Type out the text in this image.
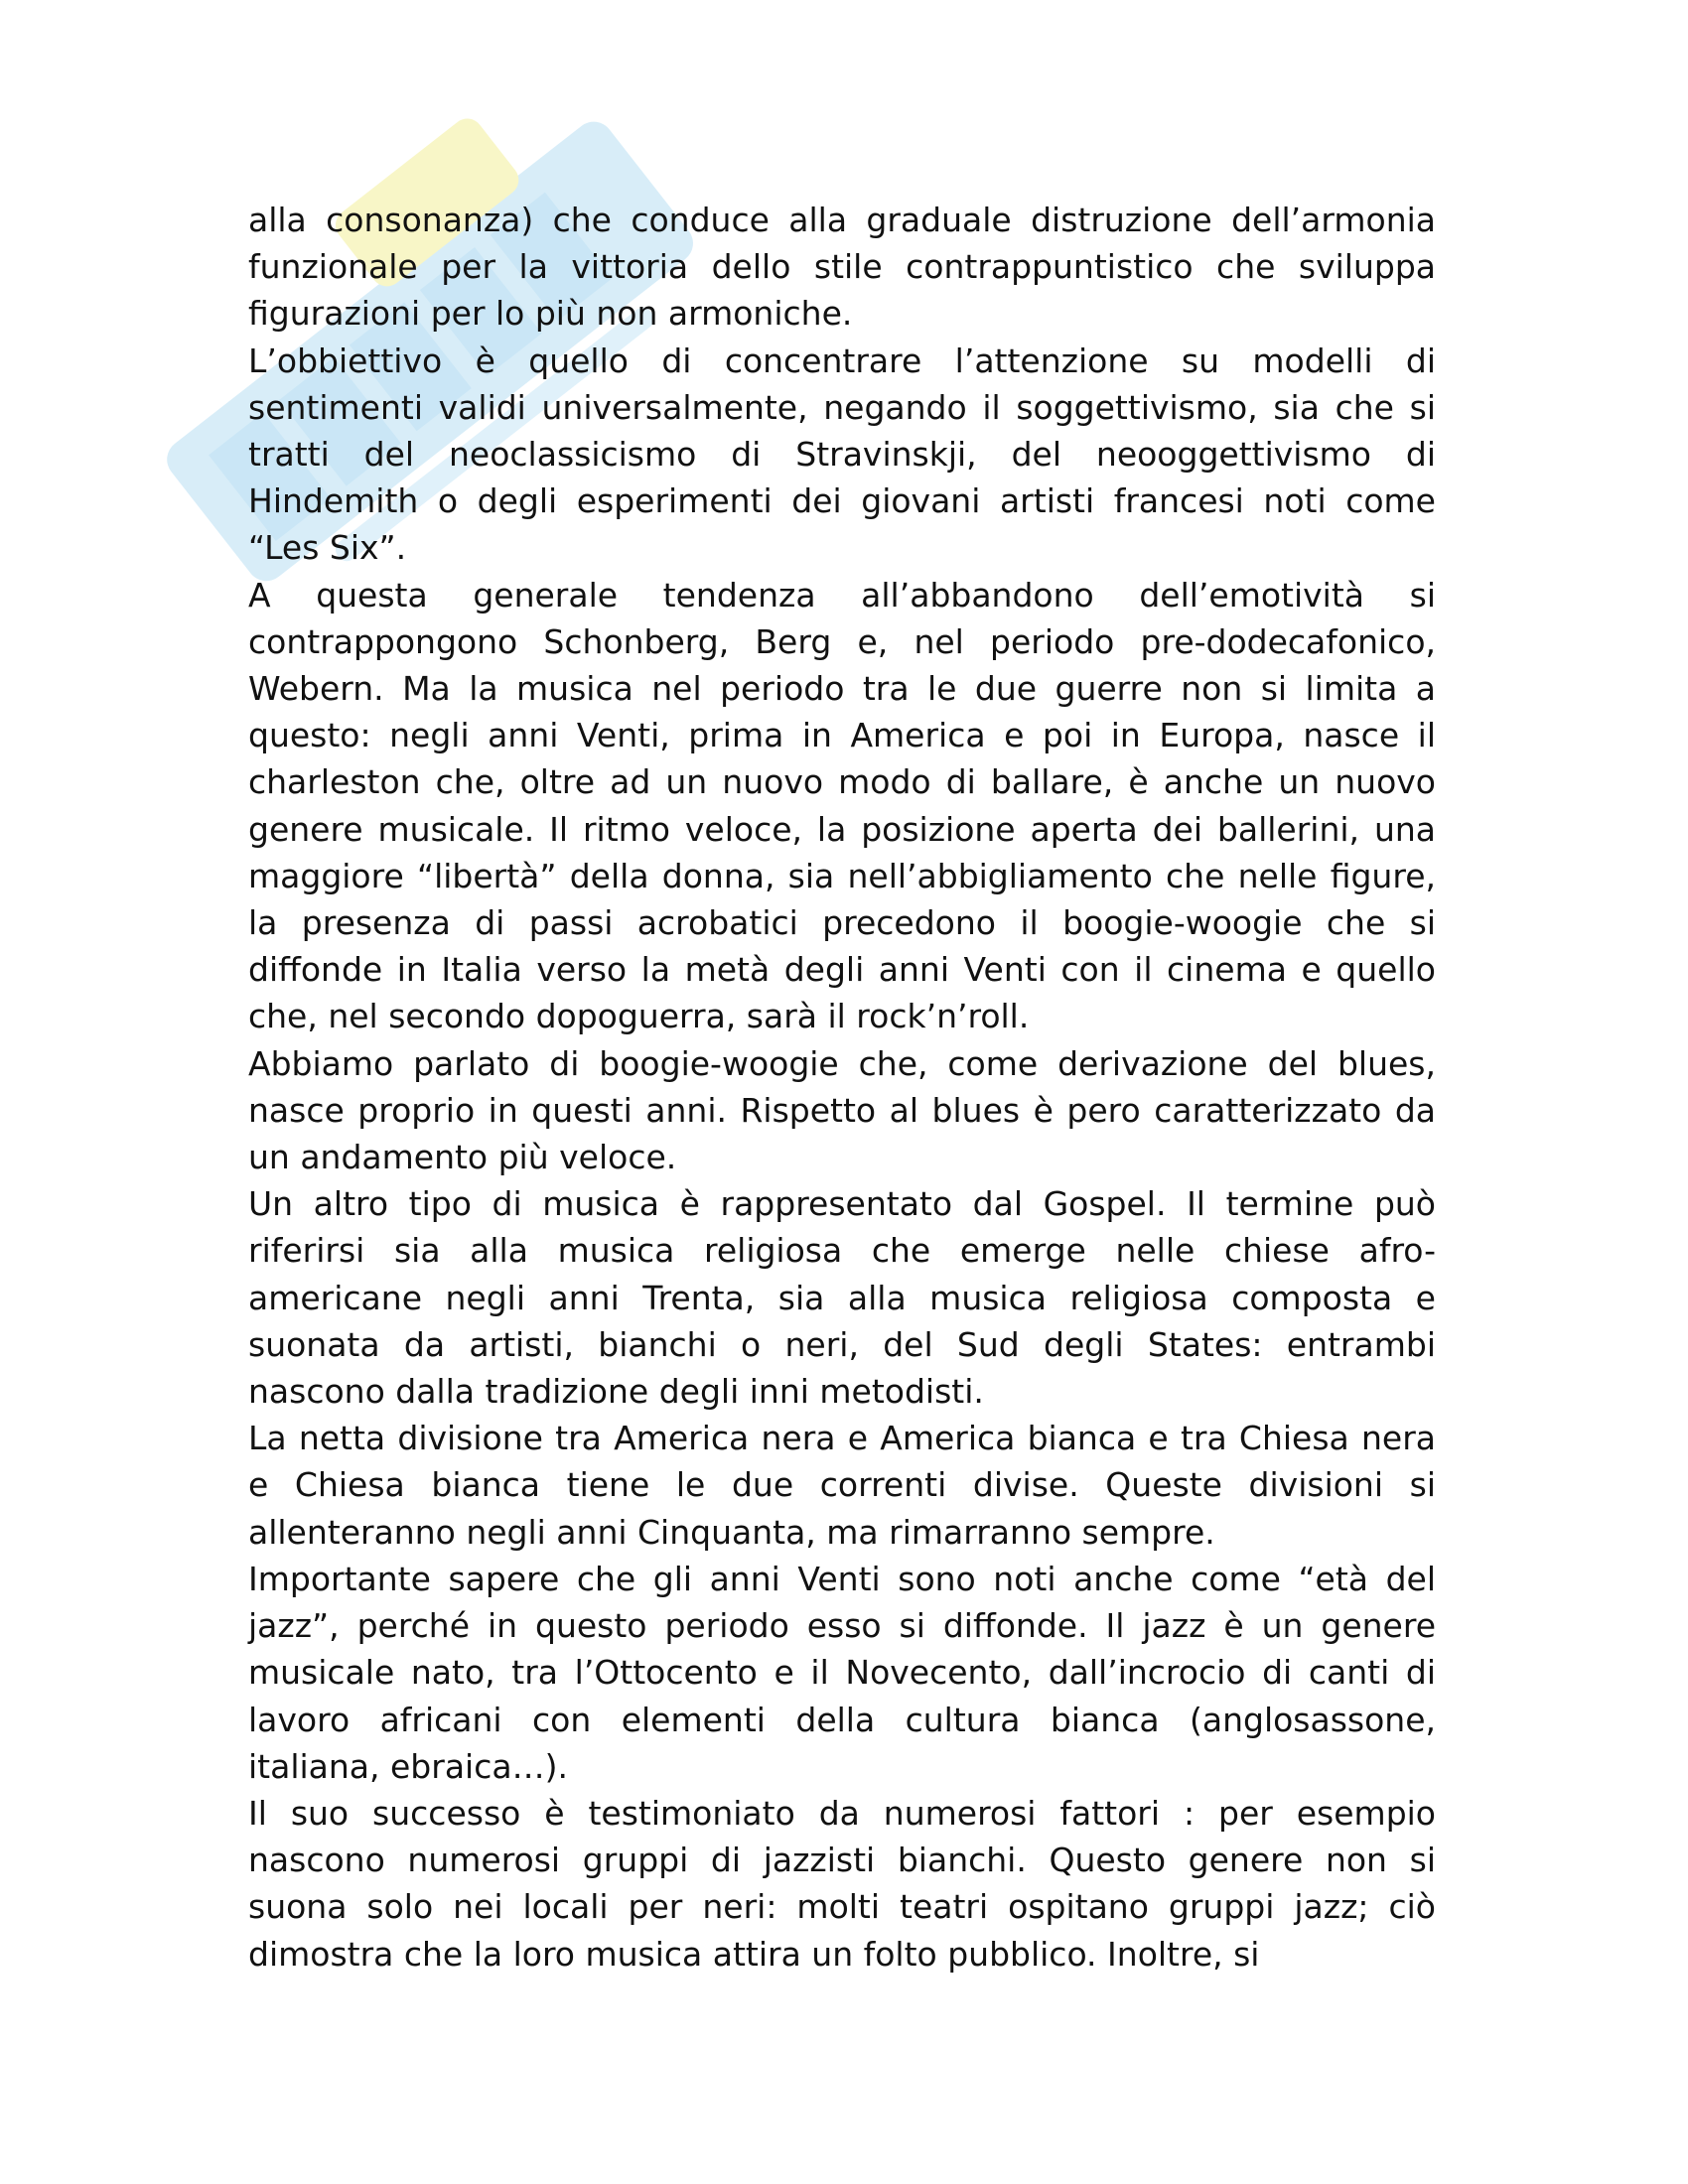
alla consonanza) che conduce alla graduale distruzione dell’armonia funzionale per la vittoria dello stile contrappuntistico che sviluppa figurazioni per lo più non armoniche.

L’obbiettivo è quello di concentrare l’attenzione su modelli di sentimenti validi universalmente, negando il soggettivismo, sia che si tratti del neoclassicismo di Stravinskji, del neooggettivismo di Hindemith o degli esperimenti dei giovani artisti francesi noti come “Les Six”.

A questa generale tendenza all’abbandono dell’emotività si contrappongono Schonberg, Berg e, nel periodo pre-dodecafonico, Webern. Ma la musica nel periodo tra le due guerre non si limita a questo: negli anni Venti, prima in America e poi in Europa, nasce il charleston che, oltre ad un nuovo modo di ballare, è anche un nuovo genere musicale. Il ritmo veloce, la posizione aperta dei ballerini, una maggiore “libertà” della donna, sia nell’abbigliamento che nelle figure, la presenza di passi acrobatici precedono il boogie-woogie che si diffonde in Italia verso la metà degli anni Venti con il cinema e quello che, nel secondo dopoguerra, sarà il rock’n’roll.

Abbiamo parlato di boogie-woogie che, come derivazione del blues, nasce proprio in questi anni. Rispetto al blues è pero caratterizzato da un andamento più veloce.

Un altro tipo di musica è rappresentato dal Gospel. Il termine può riferirsi sia alla musica religiosa che emerge nelle chiese afro-americane negli anni Trenta, sia alla musica religiosa composta e suonata da artisti, bianchi o neri, del Sud degli States: entrambi nascono dalla tradizione degli inni metodisti.

La netta divisione tra America nera e America bianca e tra Chiesa nera e Chiesa bianca tiene le due correnti divise. Queste divisioni si allenteranno negli anni Cinquanta, ma rimarranno sempre.

Importante sapere che gli anni Venti sono noti anche come “età del jazz”, perché in questo periodo esso si diffonde. Il jazz è un genere musicale nato, tra l’Ottocento e il Novecento, dall’incrocio di canti di lavoro africani con elementi della cultura bianca (anglosassone, italiana, ebraica…).

Il suo successo è testimoniato da numerosi fattori : per esempio nascono numerosi gruppi di jazzisti bianchi. Questo genere non si suona solo nei locali per neri: molti teatri ospitano gruppi jazz; ciò dimostra che la loro musica attira un folto pubblico. Inoltre, si
